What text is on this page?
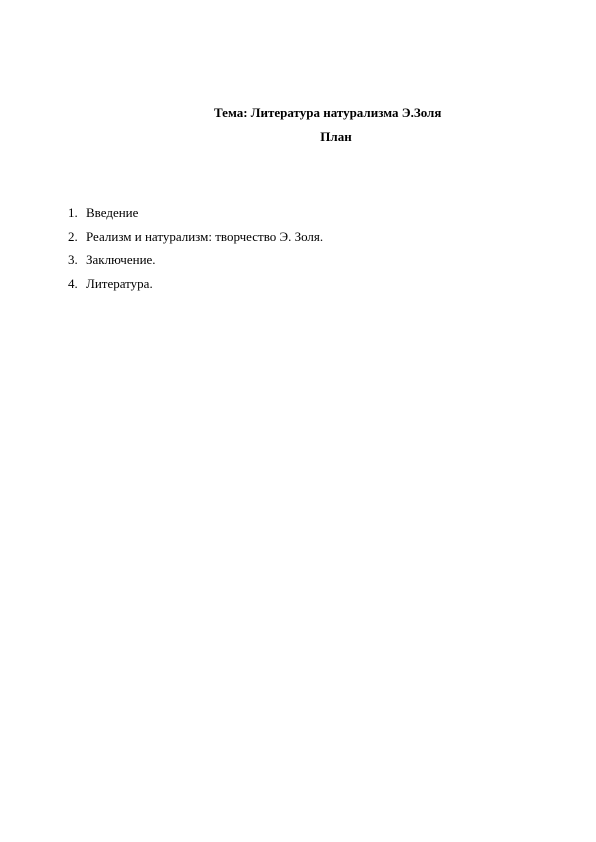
Тема: Литература натурализма Э.Золя
План
1. Введение
2. Реализм и натурализм: творчество Э. Золя.
3. Заключение.
4. Литература.
